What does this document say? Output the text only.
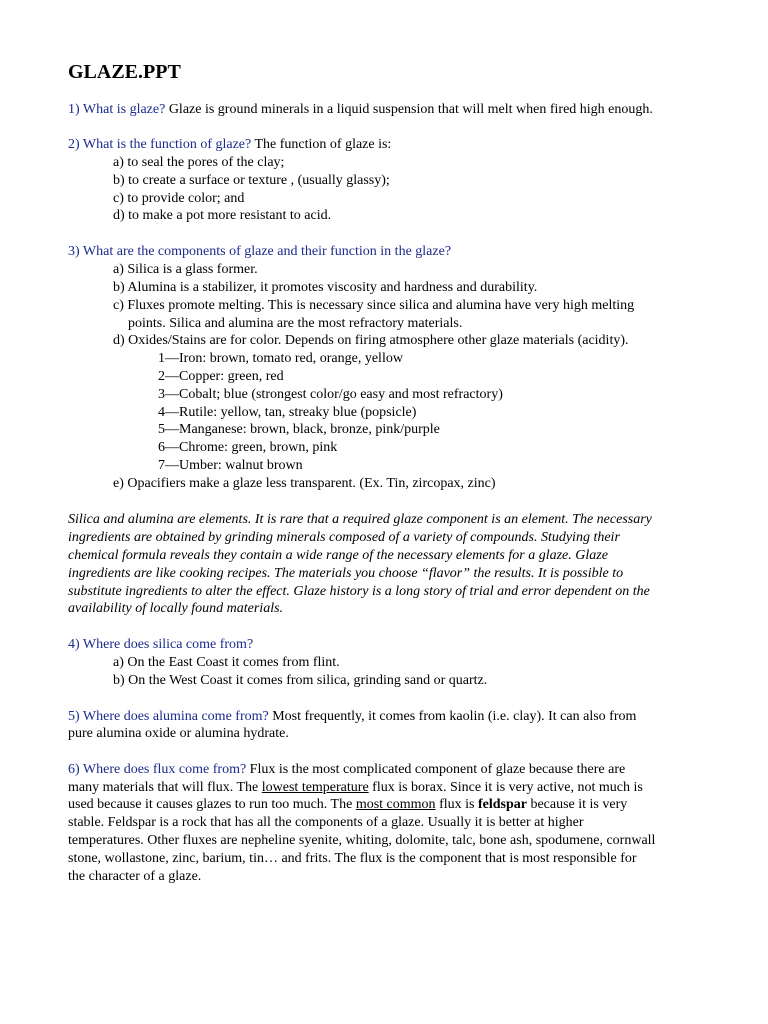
GLAZE.PPT
1) What is glaze? Glaze is ground minerals in a liquid suspension that will melt when fired high enough.
2) What is the function of glaze? The function of glaze is:
a) to seal the pores of the clay;
b) to create a surface or texture , (usually glassy);
c) to provide color; and
d) to make a pot more resistant to acid.
3) What are the components of glaze and their function in the glaze?
a) Silica is a glass former.
b) Alumina is a stabilizer, it promotes viscosity and hardness and durability.
c) Fluxes promote melting. This is necessary since silica and alumina have very high melting
points. Silica and alumina are the most refractory materials.
d) Oxides/Stains are for color. Depends on firing atmosphere other glaze materials (acidity).
1—Iron: brown, tomato red, orange, yellow
2—Copper: green, red
3—Cobalt; blue (strongest color/go easy and most refractory)
4—Rutile: yellow, tan, streaky blue (popsicle)
5—Manganese: brown, black, bronze, pink/purple
6—Chrome: green, brown, pink
7—Umber: walnut brown
e) Opacifiers make a glaze less transparent. (Ex. Tin, zircopax, zinc)
Silica and alumina are elements. It is rare that a required glaze component is an element. The necessary
ingredients are obtained by grinding minerals composed of a variety of compounds. Studying their
chemical formula reveals they contain a wide range of the necessary elements for a glaze. Glaze
ingredients are like cooking recipes. The materials you choose “flavor” the results. It is possible to
substitute ingredients to alter the effect. Glaze history is a long story of trial and error dependent on the
availability of locally found materials.
4) Where does silica come from?
a) On the East Coast it comes from flint.
b) On the West Coast it comes from silica, grinding sand or quartz.
5) Where does alumina come from? Most frequently, it comes from kaolin (i.e. clay). It can also from
pure alumina oxide or alumina hydrate.
6) Where does flux come from? Flux is the most complicated component of glaze because there are
many materials that will flux. The lowest temperature flux is borax. Since it is very active, not much is
used because it causes glazes to run too much. The most common flux is feldspar because it is very
stable. Feldspar is a rock that has all the components of a glaze. Usually it is better at higher
temperatures. Other fluxes are nepheline syenite, whiting, dolomite, talc, bone ash, spodumene, cornwall
stone, wollastone, zinc, barium, tin… and frits. The flux is the component that is most responsible for
the character of a glaze.
